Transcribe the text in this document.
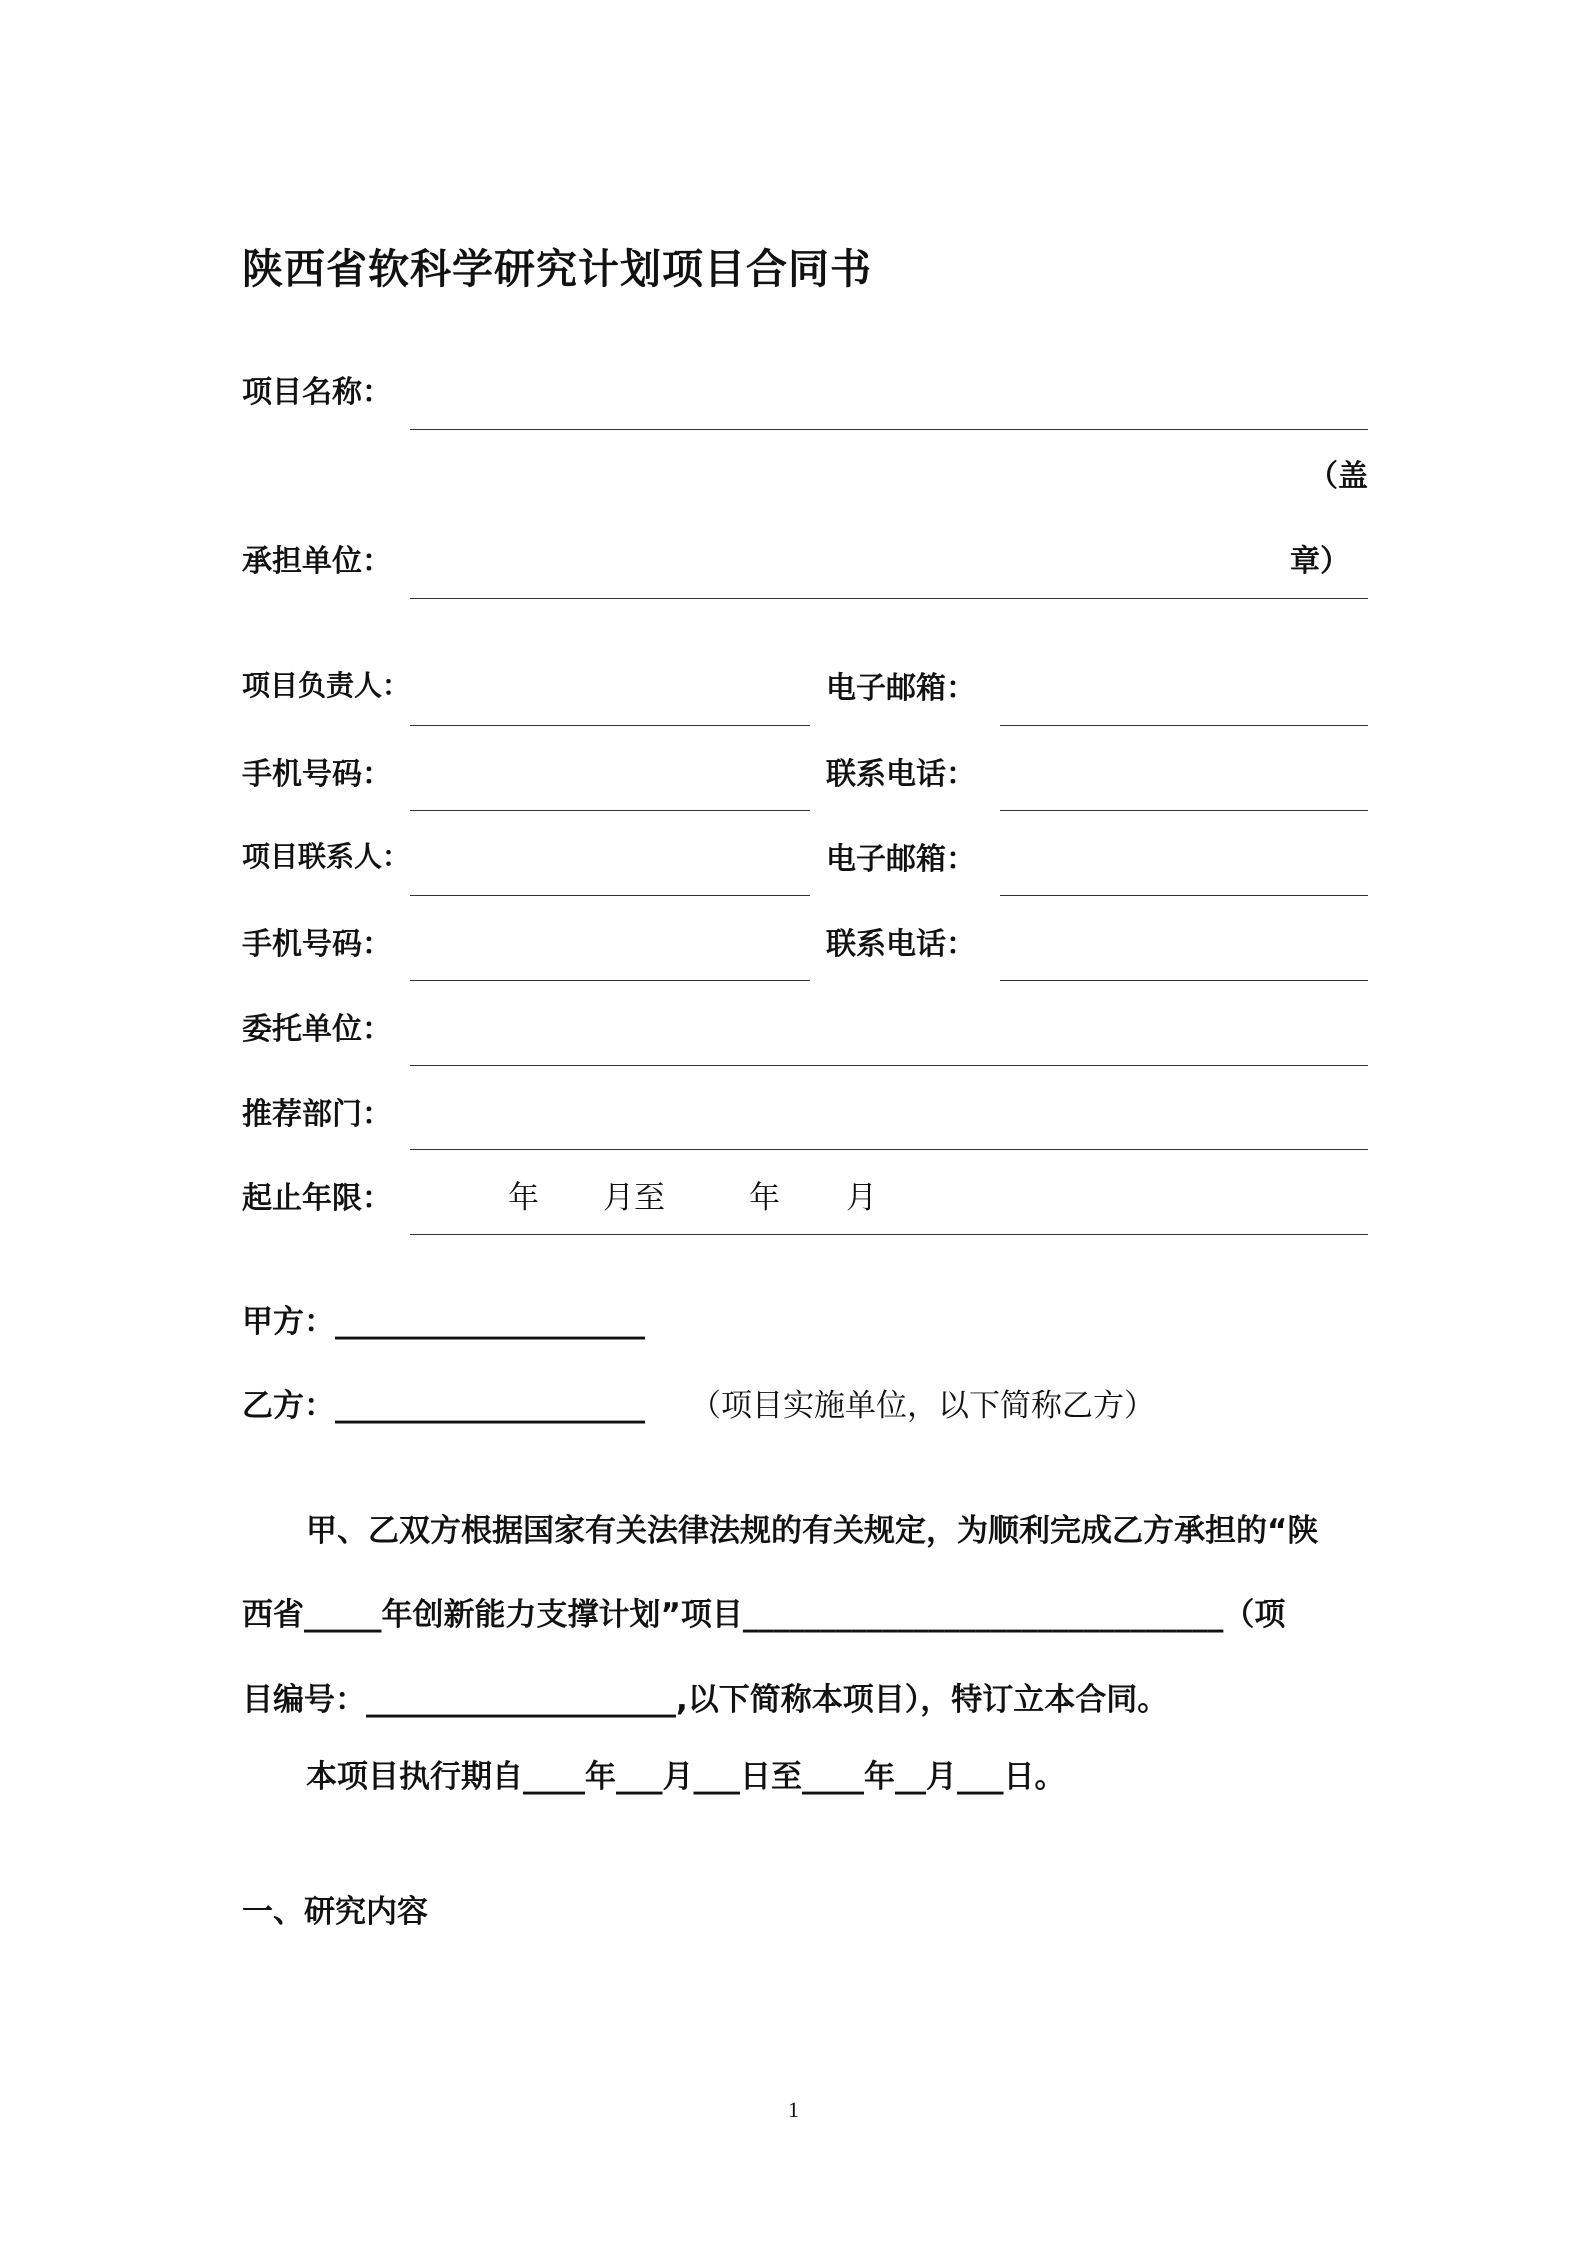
陕西省软科学研究计划项目合同书
项目名称：
（盖
承担单位：	章）
项目负责人：	电子邮箱：
手机号码：	联系电话：
项目联系人：	电子邮箱：
手机号码：	联系电话：
委托单位：
推荐部门：
起止年限：	年 月至	年 月
甲方：____________________
乙方：____________________ （项目实施单位，以下简称乙方）
甲、乙双方根据国家有关法律法规的有关规定，为顺利完成乙方承担的“陕
西省_____年创新能力支撑计划”项目_______________________________（项
目编号：____________________,以下简称本项目），特订立本合同。
本项目执行期自____年___月___日至____年__月___日。
一、研究内容
1
